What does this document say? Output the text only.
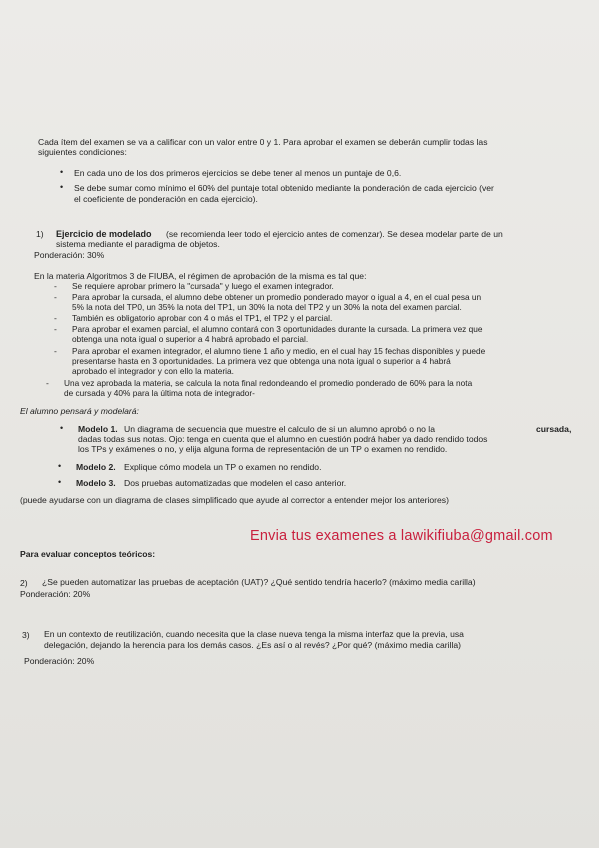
Cada ítem del examen se va a calificar con un valor entre 0 y 1. Para aprobar el examen se deberán cumplir todas las
siguientes condiciones:
• En cada uno de los dos primeros ejercicios se debe tener al menos un puntaje de 0,6.
• Se debe sumar como mínimo el 60% del puntaje total obtenido mediante la ponderación de cada ejercicio (ver
el coeficiente de ponderación en cada ejercicio).
1) Ejercicio de modelado (se recomienda leer todo el ejercicio antes de comenzar). Se desea modelar parte de un
sistema mediante el paradigma de objetos.
Ponderación: 30%
En la materia Algoritmos 3 de FIUBA, el régimen de aprobación de la misma es tal que:
- Se requiere aprobar primero la "cursada" y luego el examen integrador.
- Para aprobar la cursada, el alumno debe obtener un promedio ponderado mayor o igual a 4, en el cual pesa un
5% la nota del TP0, un 35% la nota del TP1, un 30% la nota del TP2 y un 30% la nota del examen parcial.
- También es obligatorio aprobar con 4 o más el TP1, el TP2 y el parcial.
- Para aprobar el examen parcial, el alumno contará con 3 oportunidades durante la cursada. La primera vez que
obtenga una nota igual o superior a 4 habrá aprobado el parcial.
- Para aprobar el examen integrador, el alumno tiene 1 año y medio, en el cual hay 15 fechas disponibles y puede
presentarse hasta en 3 oportunidades. La primera vez que obtenga una nota igual o superior a 4 habrá
aprobado el integrador y con ello la materia.
- Una vez aprobada la materia, se calcula la nota final redondeando el promedio ponderado de 60% para la nota
de cursada y 40% para la última nota de integrador-
El alumno pensará y modelará:
• Modelo 1. Un diagrama de secuencia que muestre el calculo de si un alumno aprobó o no la	cursada,
dadas todas sus notas. Ojo: tenga en cuenta que el alumno en cuestión podrá haber ya dado rendido todos
los TPs y exámenes o no, y elija alguna forma de representación de un TP o examen no rendido.
• Modelo 2. Explique cómo modela un TP o examen no rendido.
• Modelo 3. Dos pruebas automatizadas que modelen el caso anterior.
(puede ayudarse con un diagrama de clases simplificado que ayude al corrector a entender mejor los anteriores)
Envia tus examenes a lawikifiuba@gmail.com
Para evaluar conceptos teóricos:
2) ¿Se pueden automatizar las pruebas de aceptación (UAT)? ¿Qué sentido tendría hacerlo? (máximo media carilla)
Ponderación: 20%
3) En un contexto de reutilización, cuando necesita que la clase nueva tenga la misma interfaz que la previa, usa
delegación, dejando la herencia para los demás casos. ¿Es así o al revés? ¿Por qué? (máximo media carilla)
Ponderación: 20%
